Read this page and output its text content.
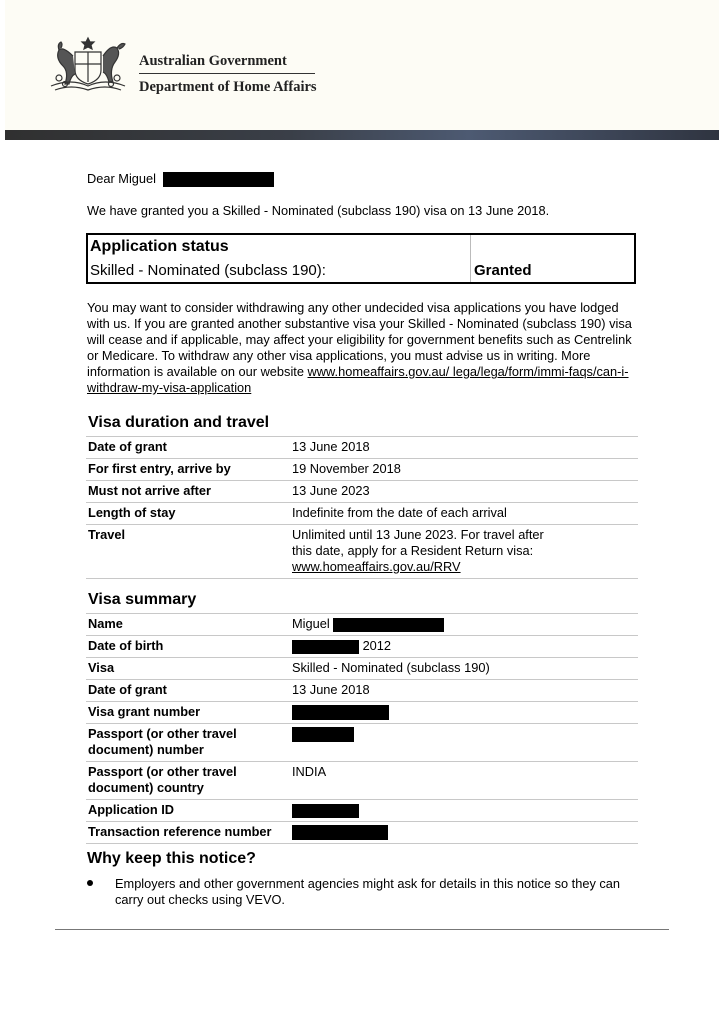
Australian Government
Department of Home Affairs
Dear Miguel
We have granted you a Skilled - Nominated (subclass 190) visa on 13 June 2018.
Application status
Skilled - Nominated (subclass 190):	Granted
You may want to consider withdrawing any other undecided visa applications you have lodged with us. If you are granted another substantive visa your Skilled - Nominated (subclass 190) visa will cease and if applicable, may affect your eligibility for government benefits such as Centrelink or Medicare. To withdraw any other visa applications, you must advise us in writing. More information is available on our website www.homeaffairs.gov.au/ lega/lega/form/immi-faqs/can-i-withdraw-my-visa-application
Visa duration and travel
Date of grant	13 June 2018
For first entry, arrive by	19 November 2018
Must not arrive after	13 June 2023
Length of stay	Indefinite from the date of each arrival
Travel	Unlimited until 13 June 2023. For travel after this date, apply for a Resident Return visa:
www.homeaffairs.gov.au/RRV
Visa summary
Name	Miguel
Date of birth	2012
Visa	Skilled - Nominated (subclass 190)
Date of grant	13 June 2018
Visa grant number	
Passport (or other travel document) number	
Passport (or other travel document) country	INDIA
Application ID	
Transaction reference number	
Why keep this notice?
Employers and other government agencies might ask for details in this notice so they can carry out checks using VEVO.
